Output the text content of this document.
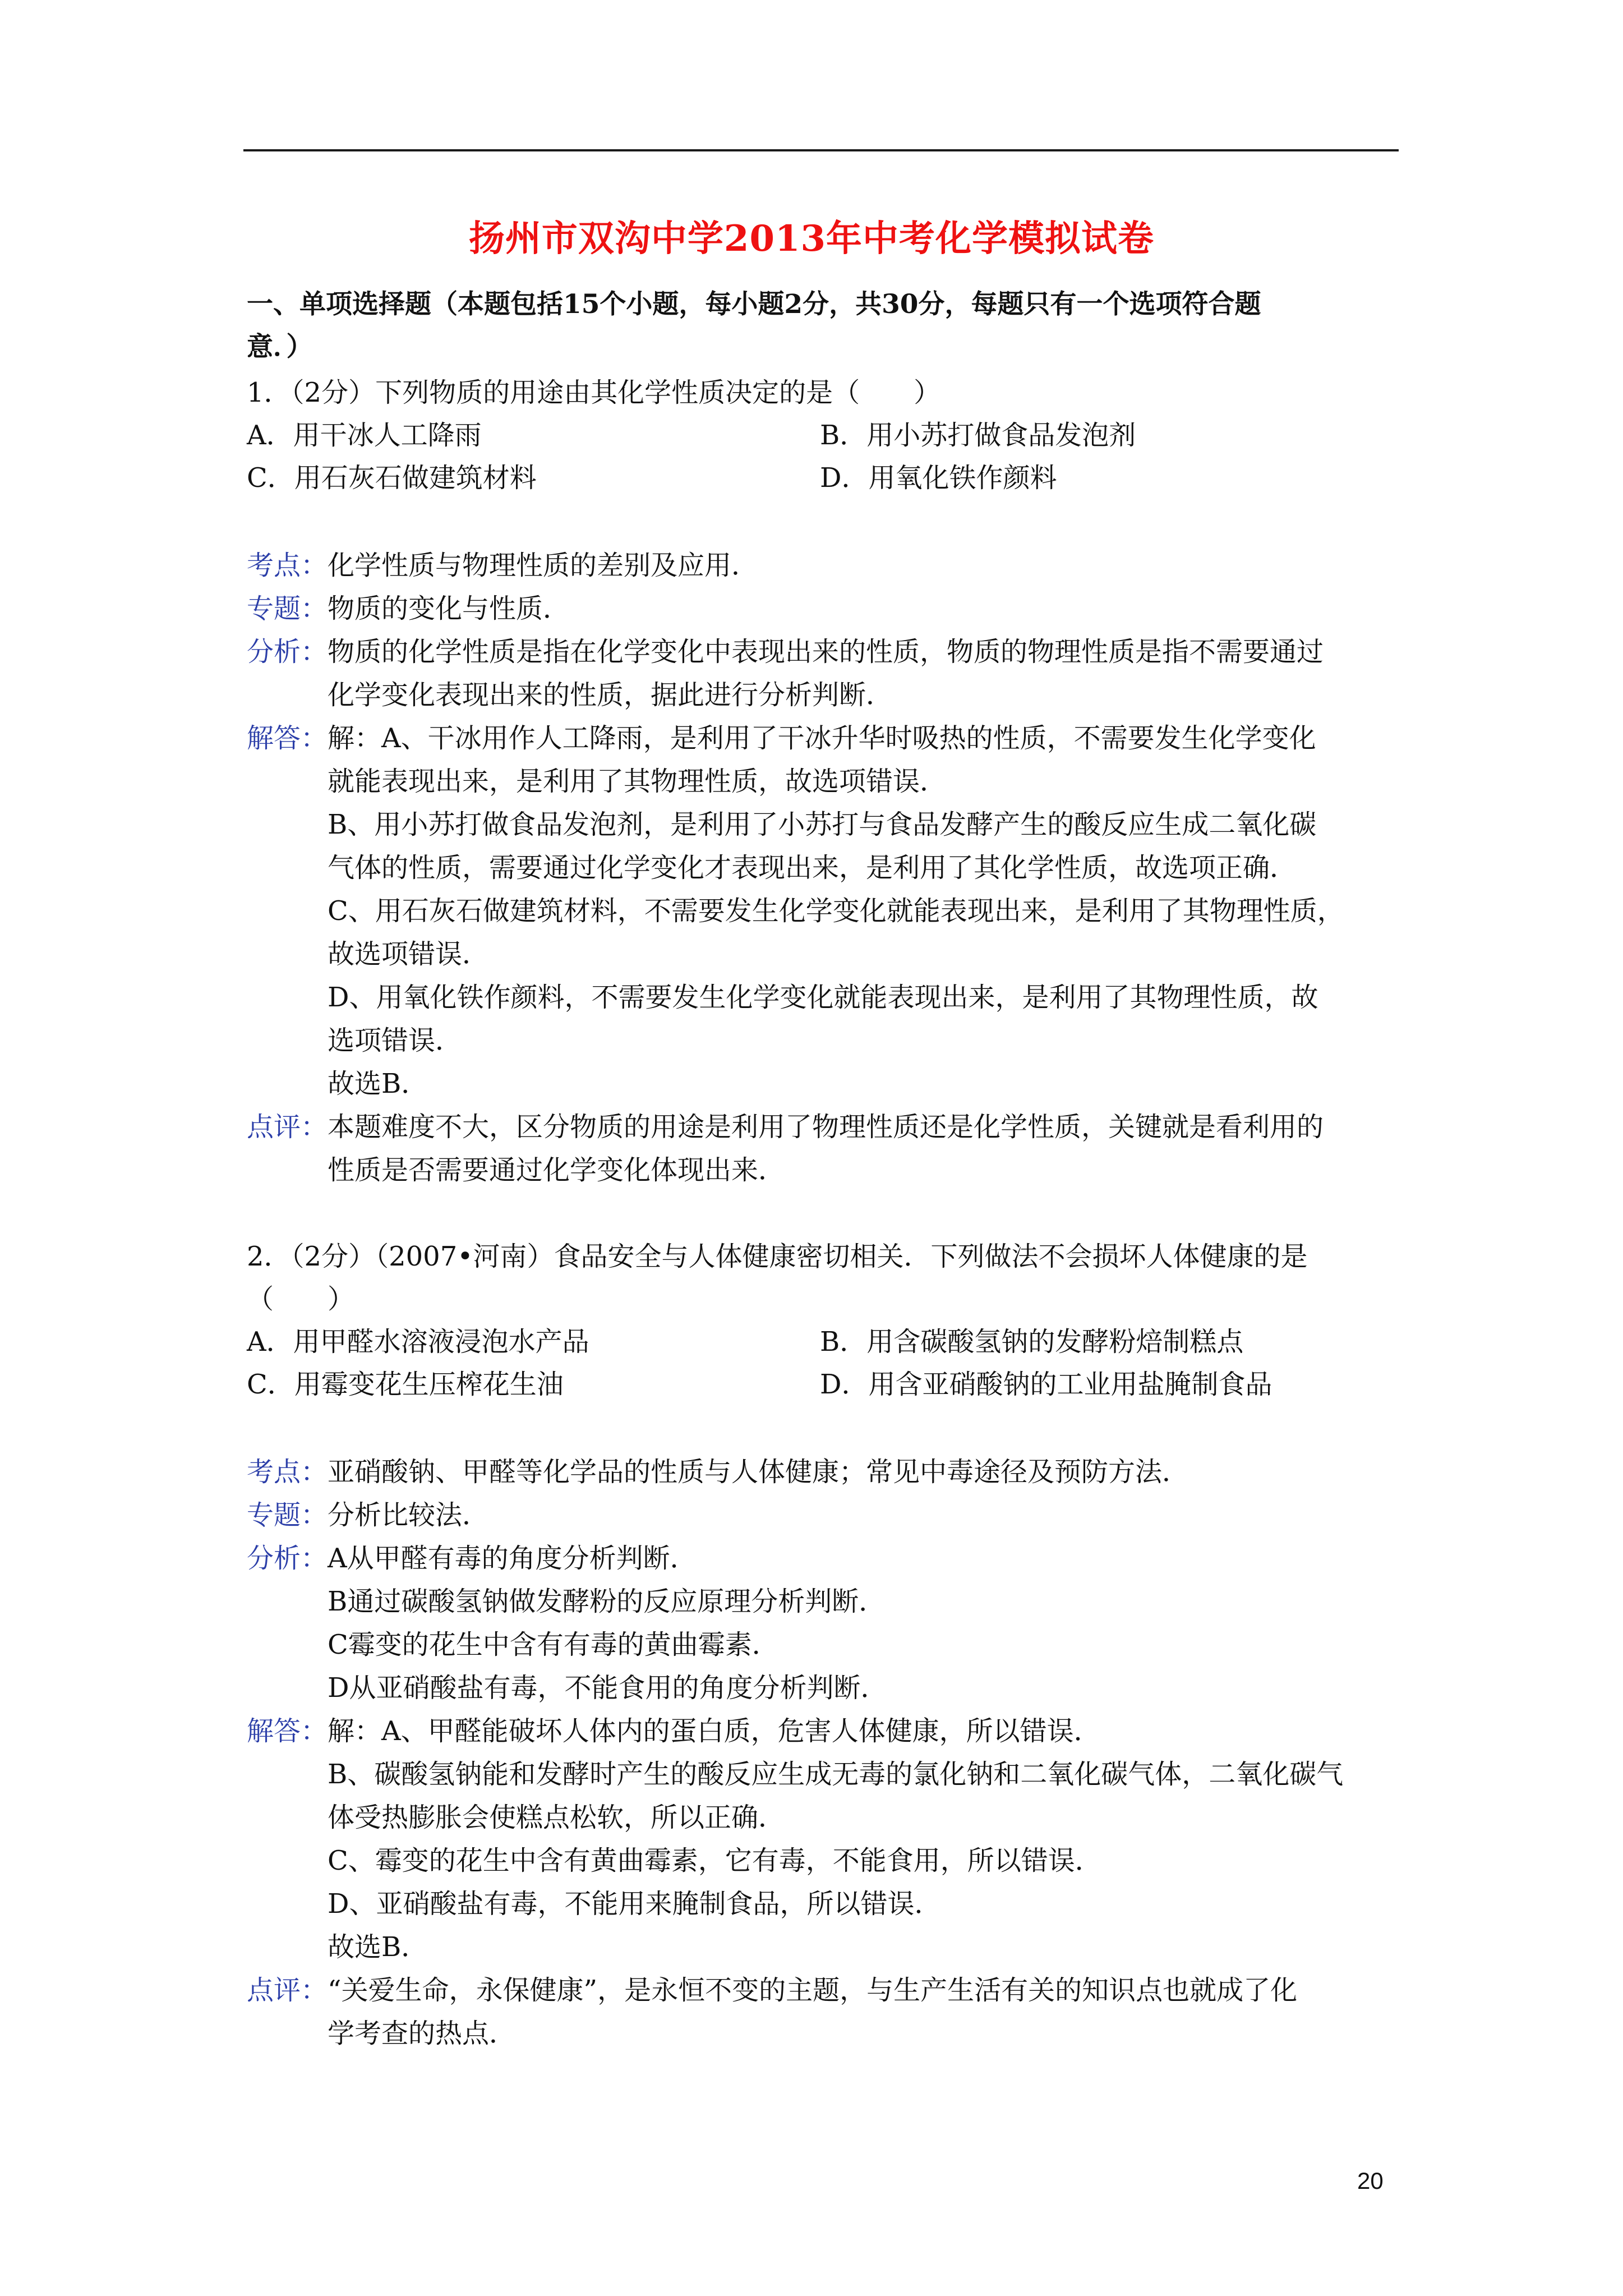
扬州市双沟中学2013年中考化学模拟试卷
一、单项选择题（本题包括15个小题，每小题2分，共30分，每题只有一个选项符合题
意．）
1．（2分）下列物质的用途由其化学性质决定的是（　　）
A．用干冰人工降雨	B．用小苏打做食品发泡剂
C．用石灰石做建筑材料	D．用氧化铁作颜料
考点： 化学性质与物理性质的差别及应用．
专题： 物质的变化与性质．
分析： 物质的化学性质是指在化学变化中表现出来的性质，物质的物理性质是指不需要通过
化学变化表现出来的性质，据此进行分析判断．
解答： 解：A、干冰用作人工降雨，是利用了干冰升华时吸热的性质，不需要发生化学变化
就能表现出来，是利用了其物理性质，故选项错误．
B、用小苏打做食品发泡剂，是利用了小苏打与食品发酵产生的酸反应生成二氧化碳
气体的性质，需要通过化学变化才表现出来，是利用了其化学性质，故选项正确．
C、用石灰石做建筑材料，不需要发生化学变化就能表现出来，是利用了其物理性质，
故选项错误．
D、用氧化铁作颜料，不需要发生化学变化就能表现出来，是利用了其物理性质，故
选项错误．
故选B．
点评： 本题难度不大，区分物质的用途是利用了物理性质还是化学性质，关键就是看利用的
性质是否需要通过化学变化体现出来．
2．（2分）（2007•河南）食品安全与人体健康密切相关．下列做法不会损坏人体健康的是
（　　）
A．用甲醛水溶液浸泡水产品	B．用含碳酸氢钠的发酵粉焙制糕点
C．用霉变花生压榨花生油	D．用含亚硝酸钠的工业用盐腌制食品
考点： 亚硝酸钠、甲醛等化学品的性质与人体健康；常见中毒途径及预防方法．
专题： 分析比较法．
分析： A从甲醛有毒的角度分析判断．
B通过碳酸氢钠做发酵粉的反应原理分析判断．
C霉变的花生中含有有毒的黄曲霉素．
D从亚硝酸盐有毒，不能食用的角度分析判断．
解答： 解：A、甲醛能破坏人体内的蛋白质，危害人体健康，所以错误．
B、碳酸氢钠能和发酵时产生的酸反应生成无毒的氯化钠和二氧化碳气体，二氧化碳气
体受热膨胀会使糕点松软，所以正确．
C、霉变的花生中含有黄曲霉素，它有毒，不能食用，所以错误．
D、亚硝酸盐有毒，不能用来腌制食品，所以错误．
故选B．
点评： “关爱生命，永保健康”，是永恒不变的主题，与生产生活有关的知识点也就成了化
学考查的热点．
20
